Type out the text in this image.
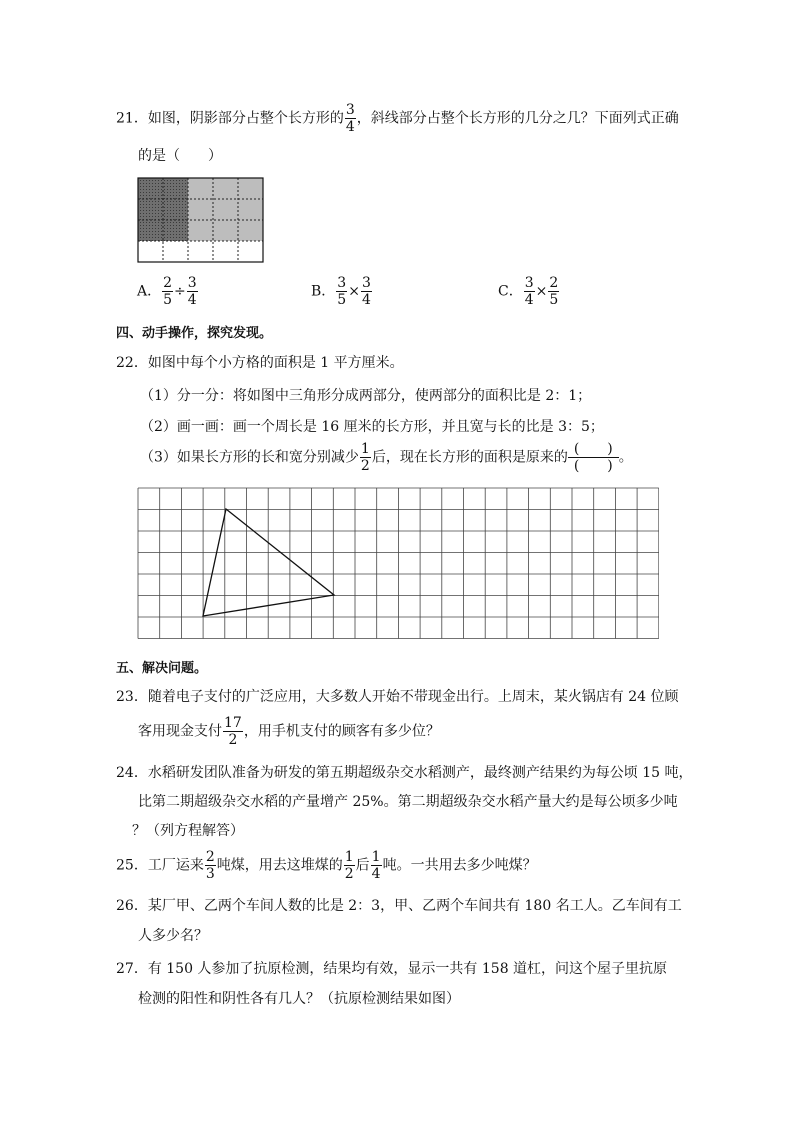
21．如图，阴影部分占整个长方形的 $\frac{3}{4}$ ，斜线部分占整个长方形的几分之几？下面列式正确
的是（　　）
A． $\frac{2}{5} \div \frac{3}{4}$	B． $\frac{3}{5} \times \frac{3}{4}$	C． $\frac{3}{4} \times \frac{2}{5}$
四、动手操作，探究发现。
22．如图中每个小方格的面积是 1 平方厘米。
（1）分一分：将如图中三角形分成两部分，使两部分的面积比是 2：1；
（2）画一画：画一个周长是 16 厘米的长方形，并且宽与长的比是 3：5；
（3）如果长方形的长和宽分别减少 $\frac{1}{2}$ 后，现在长方形的面积是原来的 $\frac{( )}{( )}$ 。
五、解决问题。
23．随着电子支付的广泛应用，大多数人开始不带现金出行。上周末，某火锅店有 24 位顾
客用现金支付 $\frac{17}{2}$ ，用手机支付的顾客有多少位？
24．水稻研发团队准备为研发的第五期超级杂交水稻测产，最终测产结果约为每公顷 15 吨，
比第二期超级杂交水稻的产量增产 25%。第二期超级杂交水稻产量大约是每公顷多少吨
？（列方程解答）
25．工厂运来 $\frac{2}{3}$ 吨煤，用去这堆煤的 $\frac{1}{2}$ 后 $\frac{1}{4}$ 吨。一共用去多少吨煤？
26．某厂甲、乙两个车间人数的比是 2：3，甲、乙两个车间共有 180 名工人。乙车间有工
人多少名？
27．有 150 人参加了抗原检测，结果均有效，显示一共有 158 道杠，问这个屋子里抗原
检测的阳性和阴性各有几人？（抗原检测结果如图）
